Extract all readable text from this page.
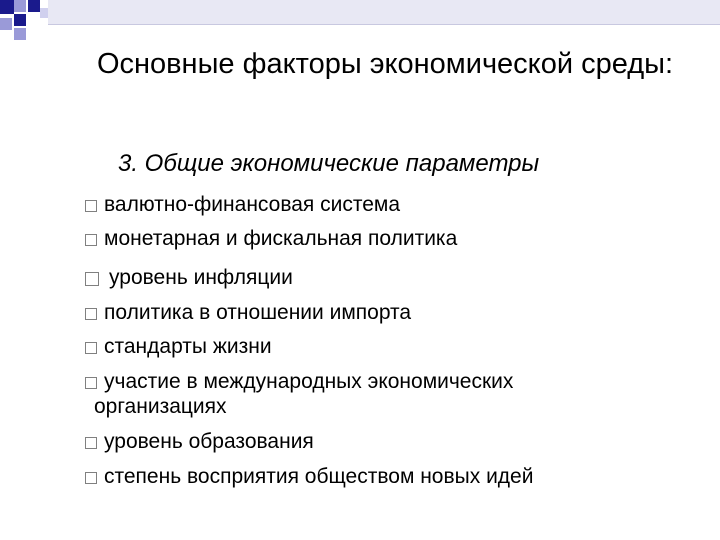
Основные факторы экономической среды:

3. Общие экономические параметры

валютно-финансовая система
монетарная и фискальная политика
уровень инфляции
политика в отношении импорта
стандарты жизни
участие в международных экономических
организациях
уровень образования
степень восприятия обществом новых идей
